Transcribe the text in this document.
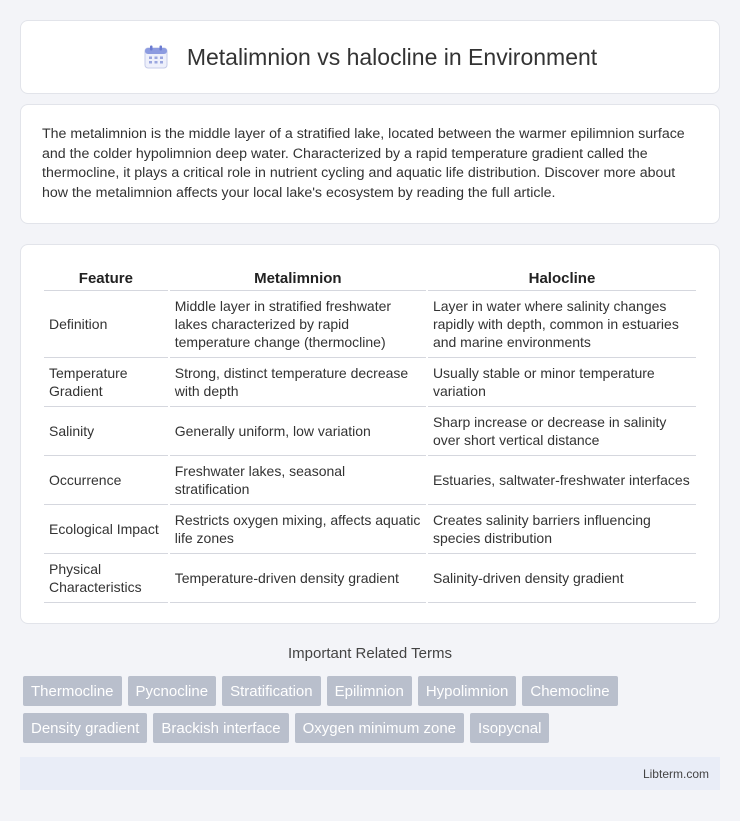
Metalimnion vs halocline in Environment

The metalimnion is the middle layer of a stratified lake, located between the warmer epilimnion surface and the colder hypolimnion deep water. Characterized by a rapid temperature gradient called the thermocline, it plays a critical role in nutrient cycling and aquatic life distribution. Discover more about how the metalimnion affects your local lake's ecosystem by reading the full article.

Feature	Metalimnion	Halocline
Definition	Middle layer in stratified freshwater lakes characterized by rapid temperature change (thermocline)	Layer in water where salinity changes rapidly with depth, common in estuaries and marine environments
Temperature Gradient	Strong, distinct temperature decrease with depth	Usually stable or minor temperature variation
Salinity	Generally uniform, low variation	Sharp increase or decrease in salinity over short vertical distance
Occurrence	Freshwater lakes, seasonal stratification	Estuaries, saltwater-freshwater interfaces
Ecological Impact	Restricts oxygen mixing, affects aquatic life zones	Creates salinity barriers influencing species distribution
Physical Characteristics	Temperature-driven density gradient	Salinity-driven density gradient
Important Related Terms
Thermocline	Pycnocline	Stratification	Epilimnion	Hypolimnion	Chemocline
Density gradient	Brackish interface	Oxygen minimum zone	Isopycnal
Libterm.com
